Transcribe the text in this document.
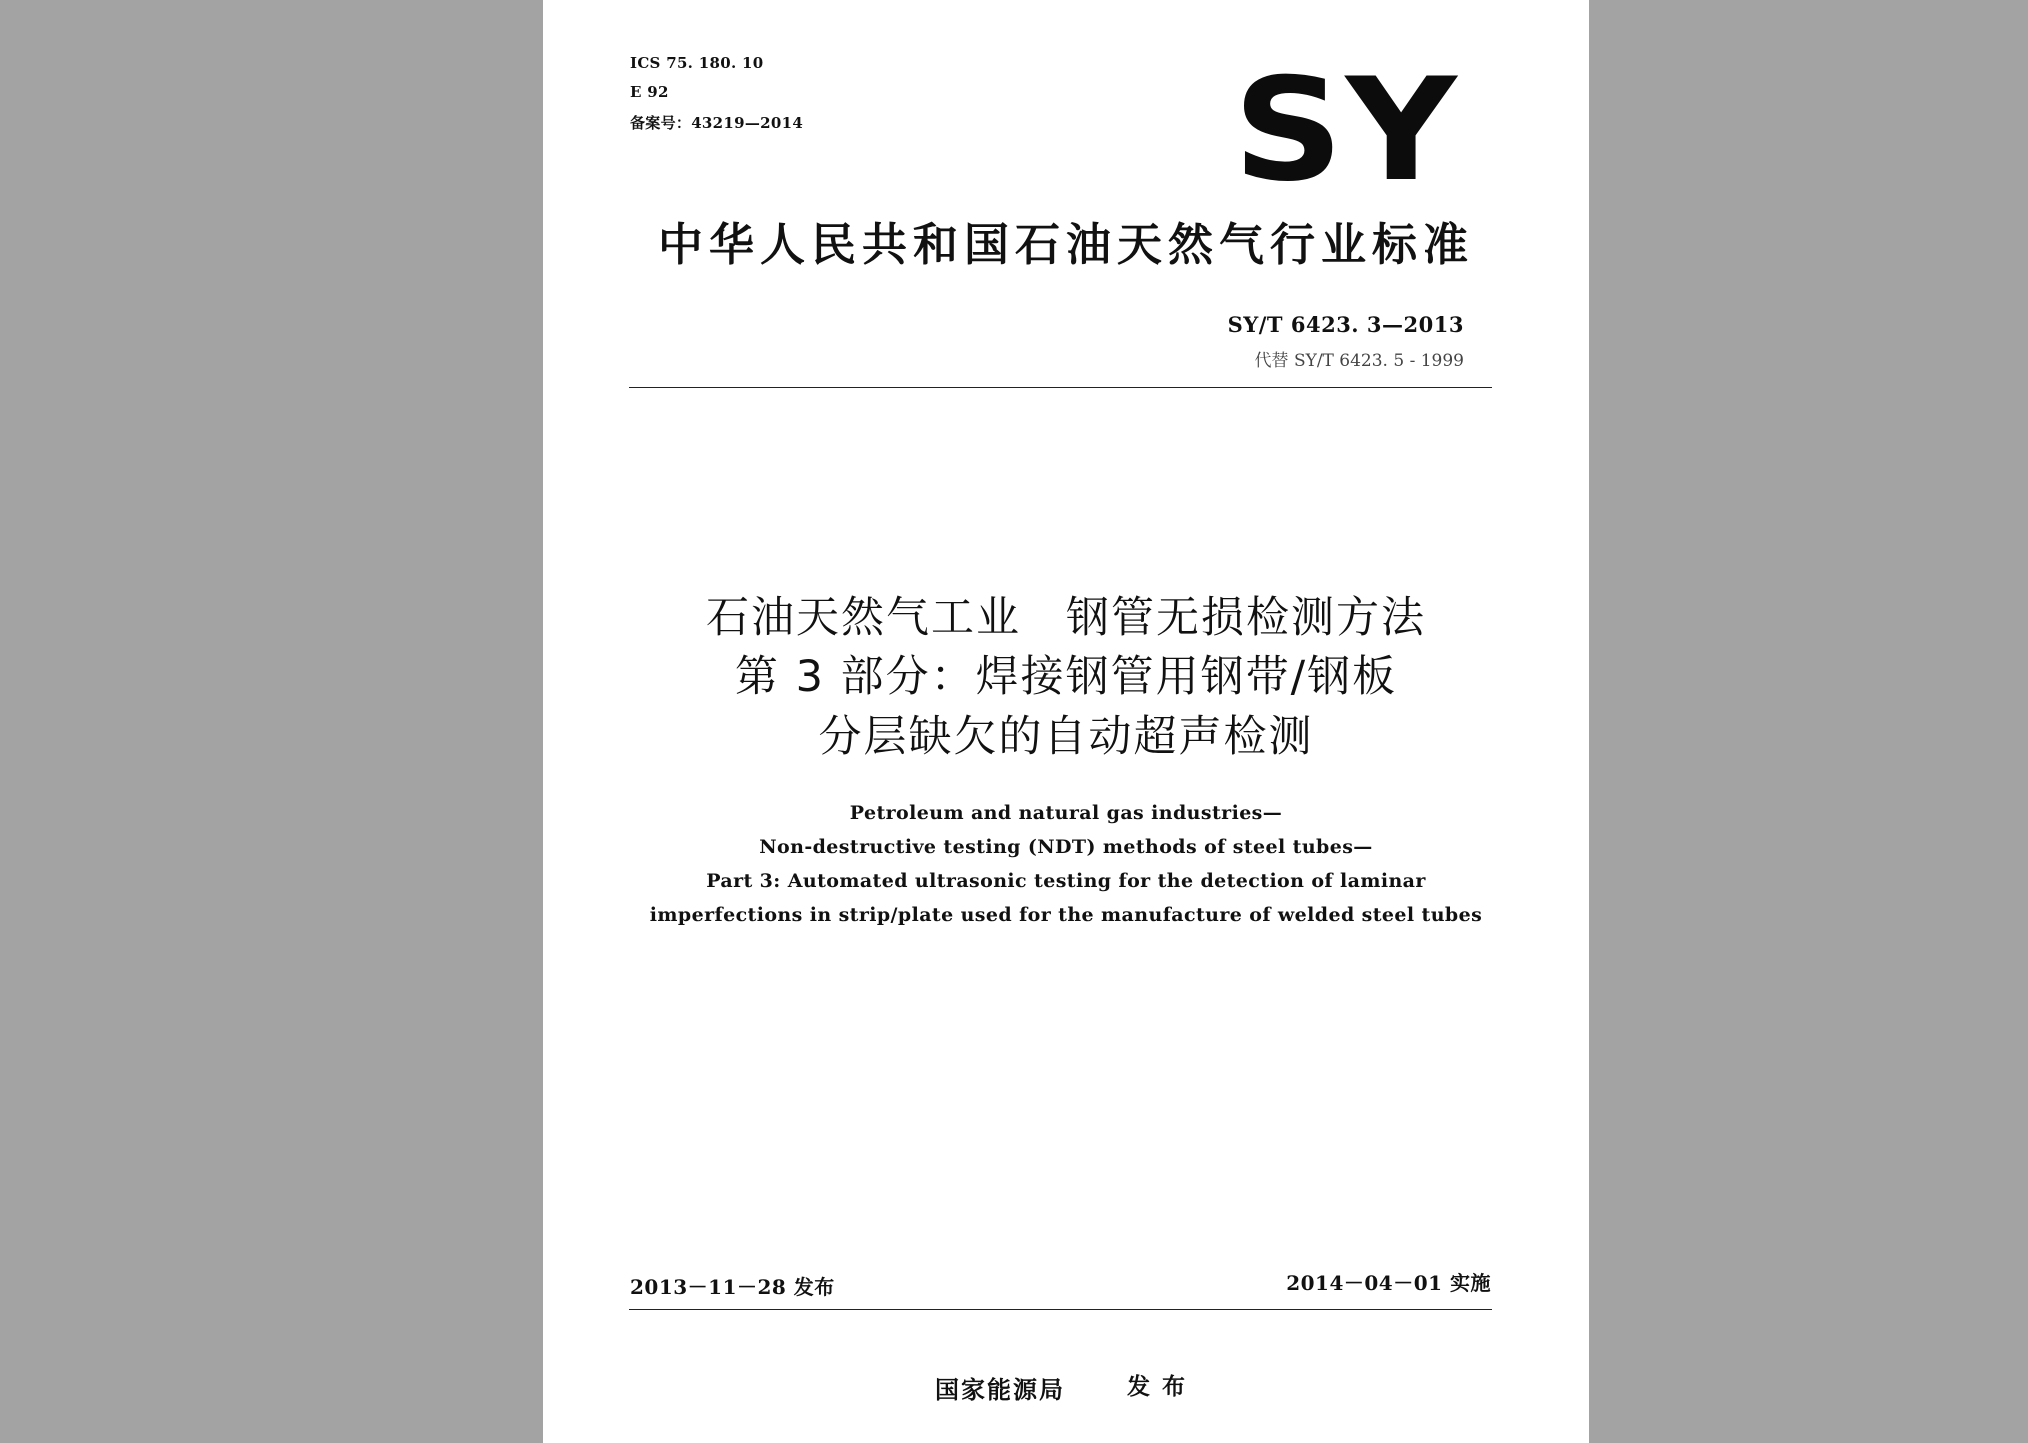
ICS 75. 180. 10
E 92
备案号：43219—2014	SY
中华人民共和国石油天然气行业标准
SY/T 6423. 3—2013
代替 SY/T 6423. 5 - 1999
石油天然气工业　钢管无损检测方法
第 3 部分：焊接钢管用钢带/钢板
分层缺欠的自动超声检测
Petroleum and natural gas industries—
Non-destructive testing (NDT) methods of steel tubes—
Part 3: Automated ultrasonic testing for the detection of laminar
imperfections in strip/plate used for the manufacture of welded steel tubes
2013－11－28 发布	2014－04－01 实施
国家能源局	发布
